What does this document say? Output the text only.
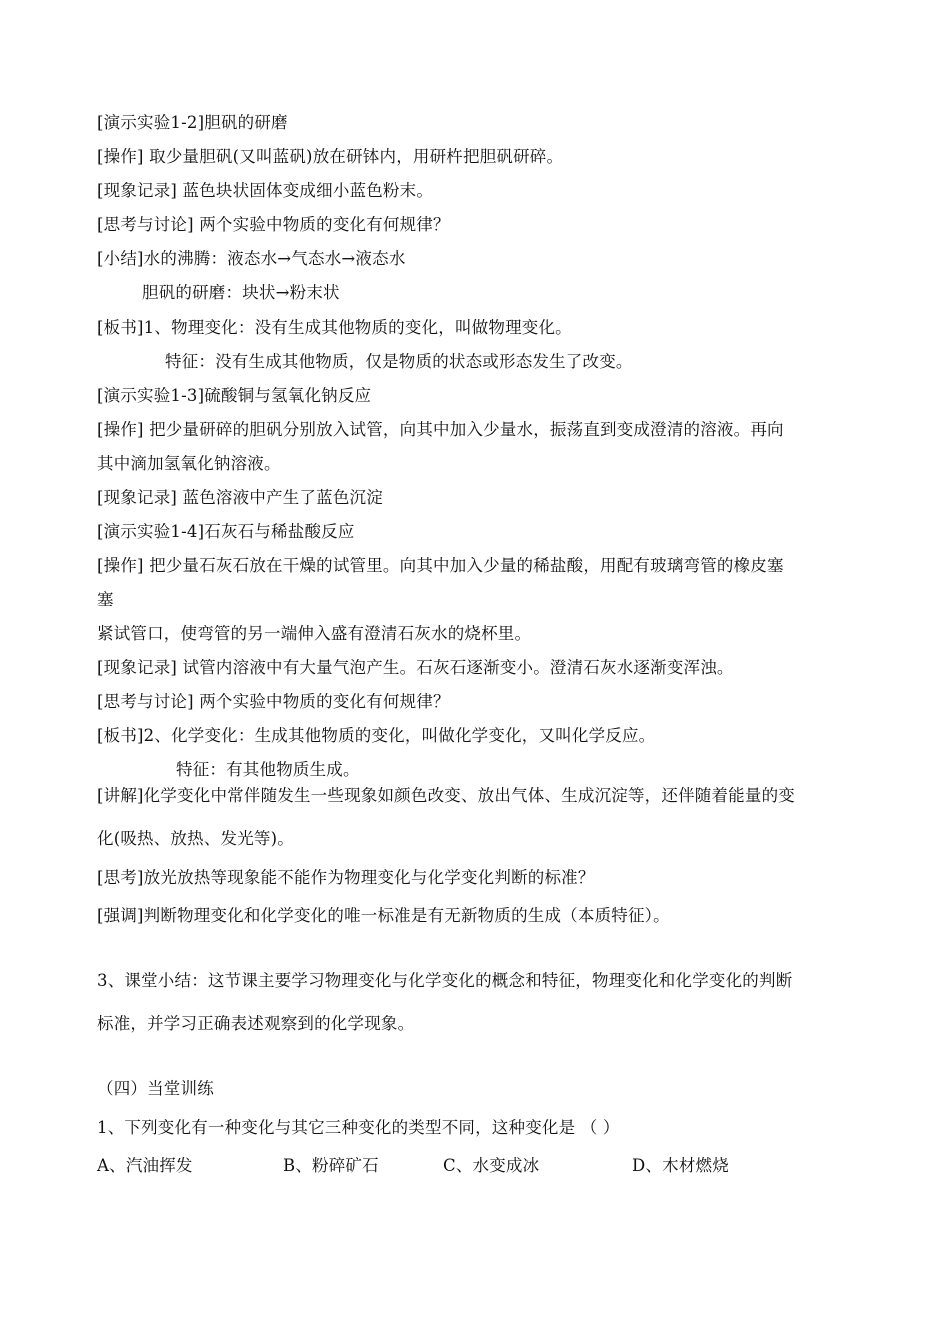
[演示实验1-2]胆矾的研磨
[操作] 取少量胆矾(又叫蓝矾)放在研钵内，用研杵把胆矾研碎。
[现象记录] 蓝色块状固体变成细小蓝色粉末。
[思考与讨论] 两个实验中物质的变化有何规律？
[小结]水的沸腾：液态水→气态水→液态水
胆矾的研磨：块状→粉末状
[板书]1、物理变化：没有生成其他物质的变化，叫做物理变化。
特征：没有生成其他物质，仅是物质的状态或形态发生了改变。
[演示实验1-3]硫酸铜与氢氧化钠反应
[操作] 把少量研碎的胆矾分别放入试管，向其中加入少量水，振荡直到变成澄清的溶液。再向
其中滴加氢氧化钠溶液。
[现象记录] 蓝色溶液中产生了蓝色沉淀
[演示实验1-4]石灰石与稀盐酸反应
[操作] 把少量石灰石放在干燥的试管里。向其中加入少量的稀盐酸，用配有玻璃弯管的橡皮塞
塞
紧试管口，使弯管的另一端伸入盛有澄清石灰水的烧杯里。
[现象记录] 试管内溶液中有大量气泡产生。石灰石逐渐变小。澄清石灰水逐渐变浑浊。
[思考与讨论] 两个实验中物质的变化有何规律？
[板书]2、化学变化：生成其他物质的变化，叫做化学变化，又叫化学反应。
特征：有其他物质生成。
[讲解]化学变化中常伴随发生一些现象如颜色改变、放出气体、生成沉淀等，还伴随着能量的变
化(吸热、放热、发光等)。
[思考]放光放热等现象能不能作为物理变化与化学变化判断的标准？
[强调]判断物理变化和化学变化的唯一标准是有无新物质的生成（本质特征）。
3、课堂小结：这节课主要学习物理变化与化学变化的概念和特征，物理变化和化学变化的判断
标准，并学习正确表述观察到的化学现象。
（四）当堂训练
1、下列变化有一种变化与其它三种变化的类型不同，这种变化是 （ ）
A、汽油挥发	B、粉碎矿石	C、水变成冰	D、木材燃烧
